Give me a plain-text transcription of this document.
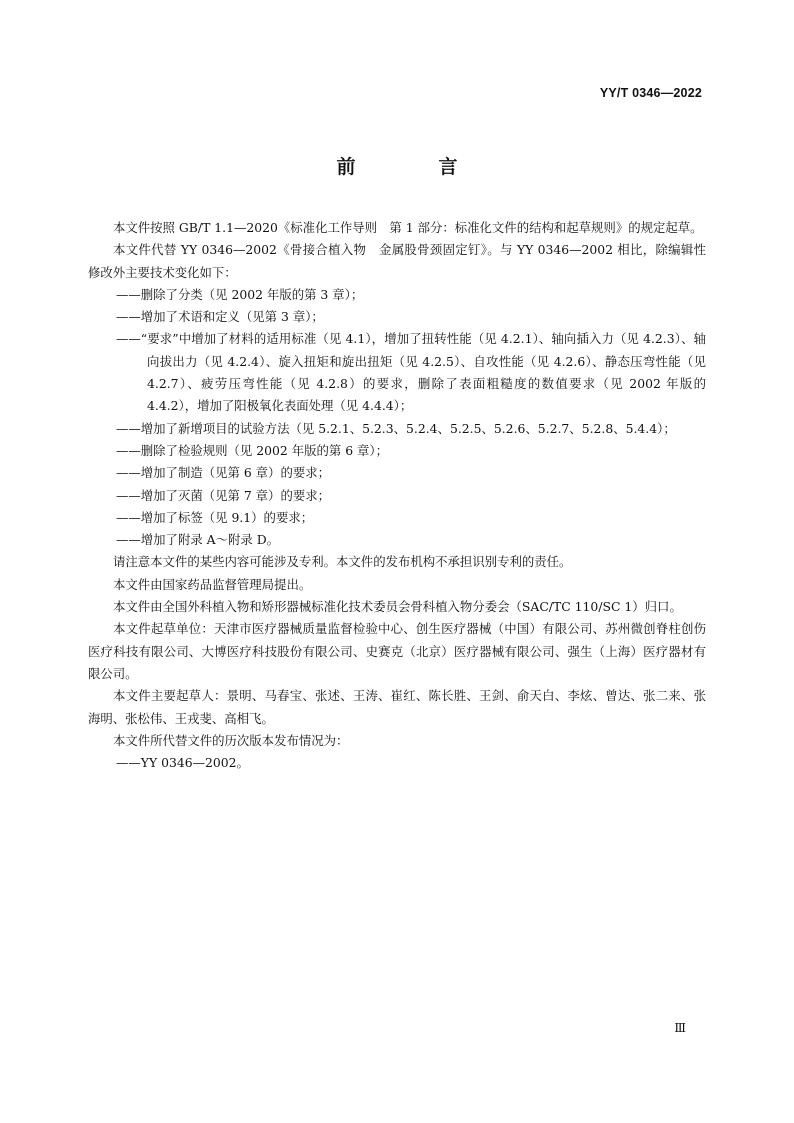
YY/T 0346—2022
前　言

本文件按照 GB/T 1.1—2020《标准化工作导则　第 1 部分：标准化文件的结构和起草规则》的规定起草。

本文件代替 YY 0346—2002《骨接合植入物　金属股骨颈固定钉》。与 YY 0346—2002 相比，除编辑性修改外主要技术变化如下：

——删除了分类（见 2002 年版的第 3 章）；

——增加了术语和定义（见第 3 章）；

——“要求”中增加了材料的适用标准（见 4.1），增加了扭转性能（见 4.2.1）、轴向插入力（见 4.2.3）、轴向拔出力（见 4.2.4）、旋入扭矩和旋出扭矩（见 4.2.5）、自攻性能（见 4.2.6）、静态压弯性能（见 4.2.7）、疲劳压弯性能（见 4.2.8）的要求，删除了表面粗糙度的数值要求（见 2002 年版的4.4.2），增加了阳极氧化表面处理（见 4.4.4）；

——增加了新增项目的试验方法（见 5.2.1、5.2.3、5.2.4、5.2.5、5.2.6、5.2.7、5.2.8、5.4.4）；

——删除了检验规则（见 2002 年版的第 6 章）；

——增加了制造（见第 6 章）的要求；

——增加了灭菌（见第 7 章）的要求；

——增加了标签（见 9.1）的要求；

——增加了附录 A～附录 D。

请注意本文件的某些内容可能涉及专利。本文件的发布机构不承担识别专利的责任。

本文件由国家药品监督管理局提出。

本文件由全国外科植入物和矫形器械标准化技术委员会骨科植入物分委会（SAC/TC 110/SC 1）归口。

本文件起草单位：天津市医疗器械质量监督检验中心、创生医疗器械（中国）有限公司、苏州微创脊柱创伤医疗科技有限公司、大博医疗科技股份有限公司、史赛克（北京）医疗器械有限公司、强生（上海）医疗器材有限公司。

本文件主要起草人：景明、马春宝、张述、王涛、崔红、陈长胜、王剑、俞天白、李炫、曾达、张二来、张海明、张松伟、王戎斐、高相飞。

本文件所代替文件的历次版本发布情况为：

——YY 0346—2002。

Ⅲ
